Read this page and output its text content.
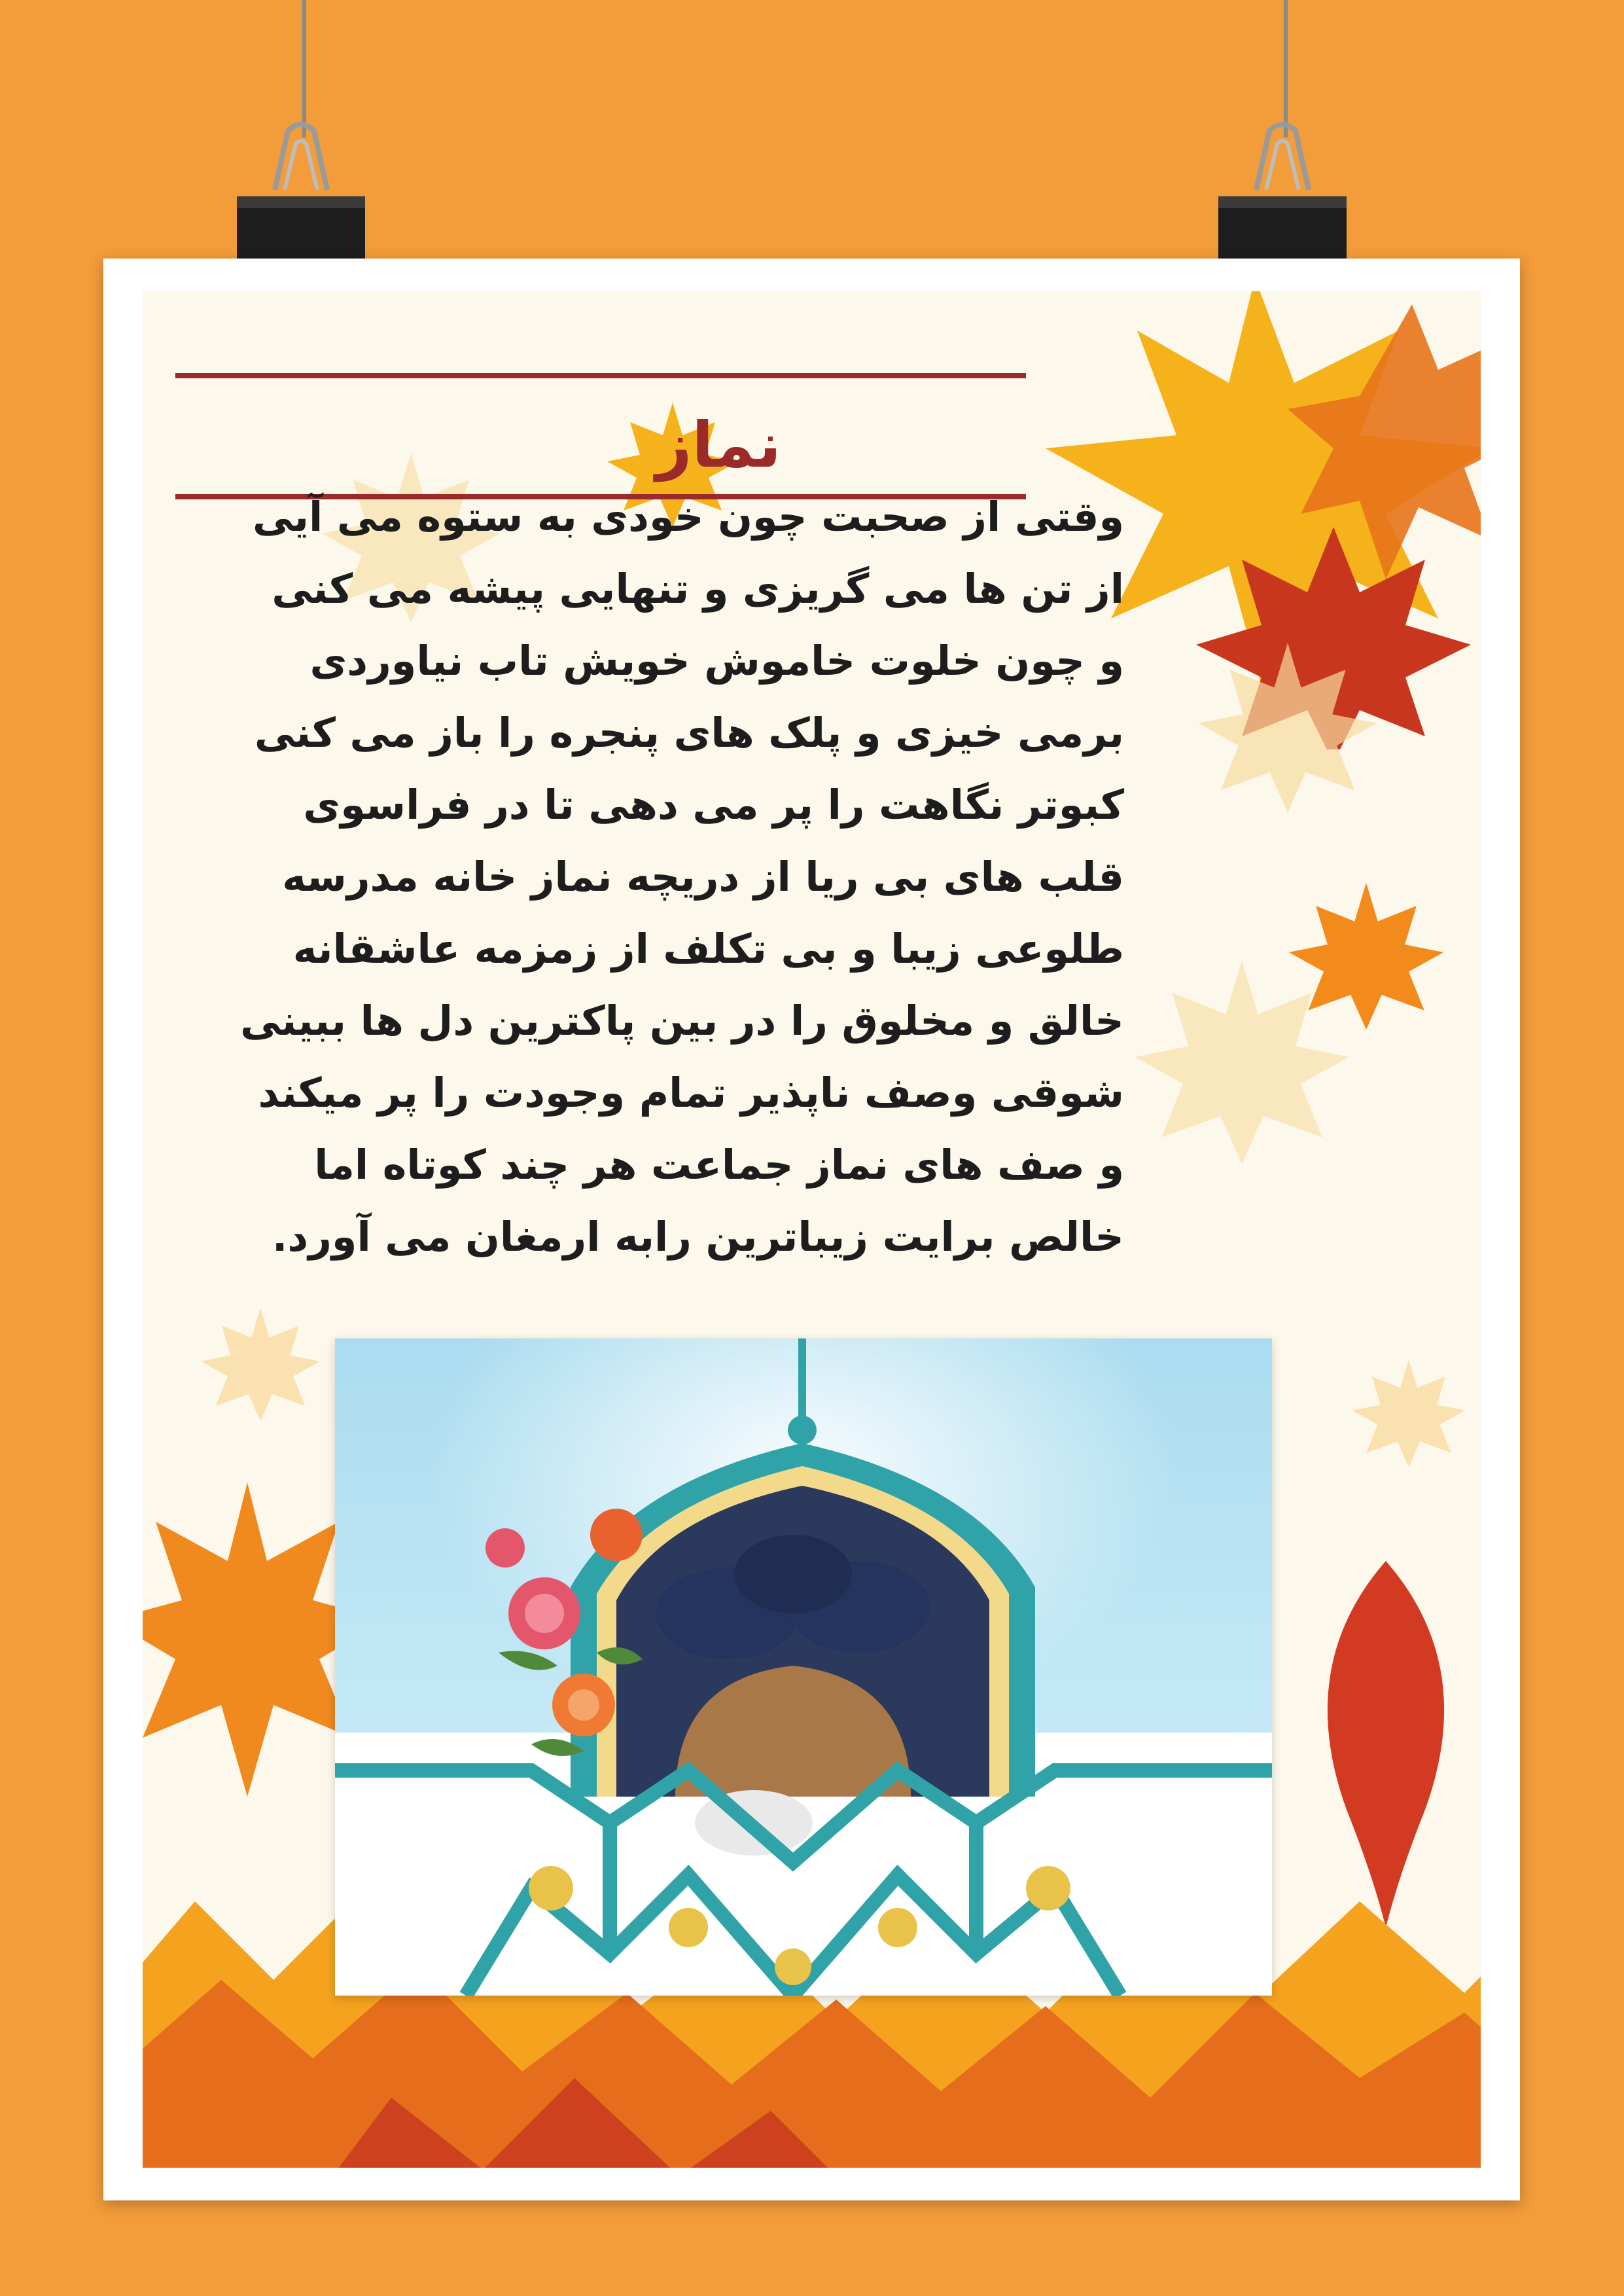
نماز
وقتی از صحبت چون خودی به ستوه می آیی
از تن ها می گریزی و تنهایی پیشه می کنی
و چون خلوت خاموش خویش تاب نیاوردی
برمی خیزی و پلک های پنجره را باز می کنی
کبوتر نگاهت را پر می دهی تا در فراسوی
قلب های بی ریا از دریچه نماز خانه مدرسه
طلوعی زیبا و بی تکلف از زمزمه عاشقانه
خالق و مخلوق را در بین پاکترین دل ها ببینی
شوقی وصف ناپذیر تمام وجودت را پر میکند
و صف های نماز جماعت هر چند کوتاه اما
خالص برایت زیباترین رابه ارمغان می آورد.
